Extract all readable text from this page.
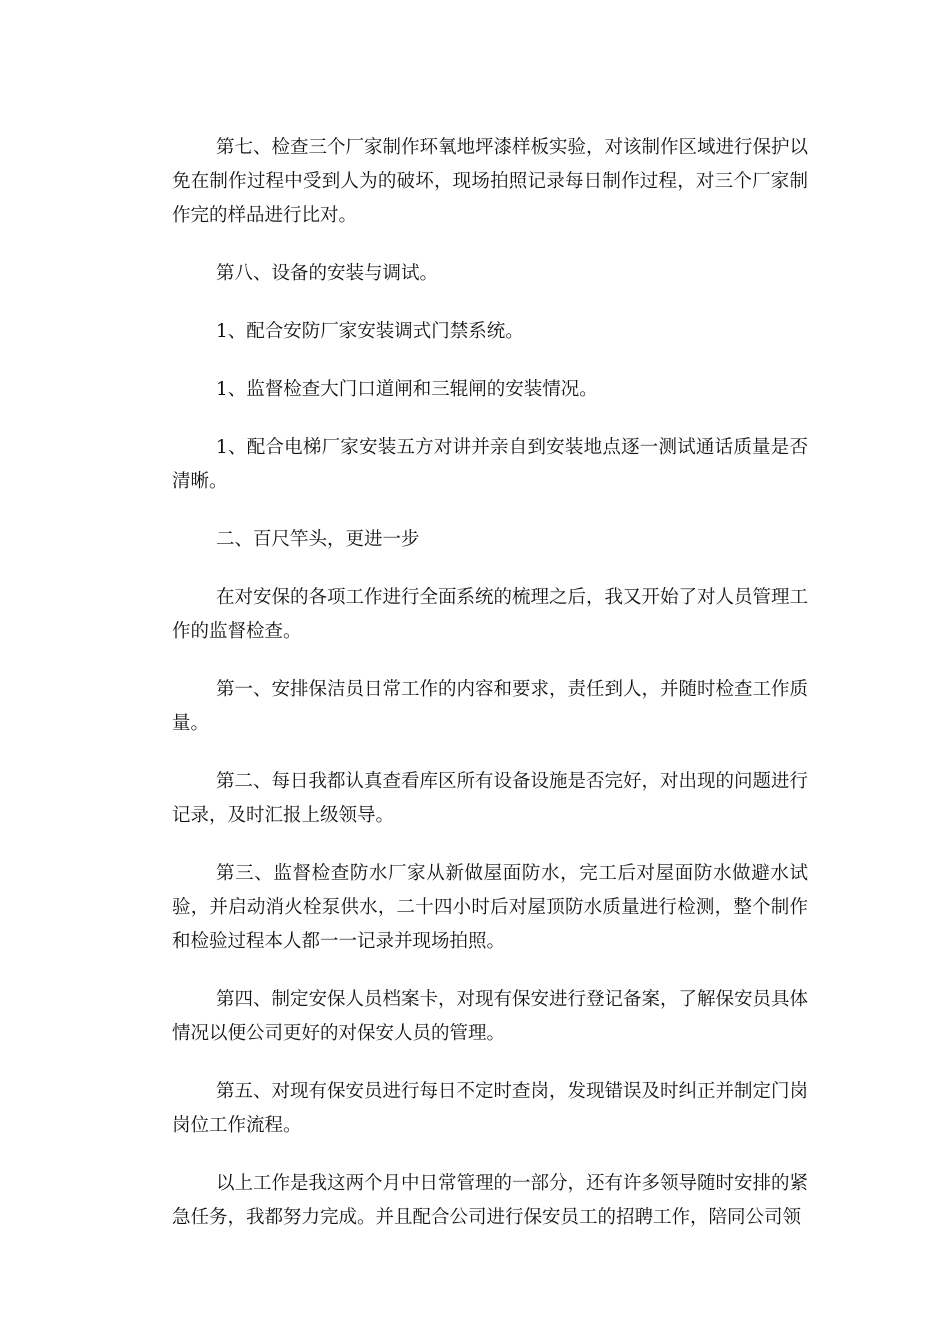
第七、检查三个厂家制作环氧地坪漆样板实验，对该制作区域进行保护以免在制作过程中受到人为的破坏，现场拍照记录每日制作过程，对三个厂家制作完的样品进行比对。

第八、设备的安装与调试。

1、配合安防厂家安装调式门禁系统。

1、监督检查大门口道闸和三辊闸的安装情况。

1、配合电梯厂家安装五方对讲并亲自到安装地点逐一测试通话质量是否清晰。

二、百尺竿头，更进一步

在对安保的各项工作进行全面系统的梳理之后，我又开始了对人员管理工作的监督检查。

第一、安排保洁员日常工作的内容和要求，责任到人，并随时检查工作质量。

第二、每日我都认真查看库区所有设备设施是否完好，对出现的问题进行记录，及时汇报上级领导。

第三、监督检查防水厂家从新做屋面防水，完工后对屋面防水做避水试验，并启动消火栓泵供水，二十四小时后对屋顶防水质量进行检测，整个制作和检验过程本人都一一记录并现场拍照。

第四、制定安保人员档案卡，对现有保安进行登记备案，了解保安员具体情况以便公司更好的对保安人员的管理。

第五、对现有保安员进行每日不定时查岗，发现错误及时纠正并制定门岗岗位工作流程。

以上工作是我这两个月中日常管理的一部分，还有许多领导随时安排的紧急任务，我都努力完成。并且配合公司进行保安员工的招聘工作，陪同公司领
